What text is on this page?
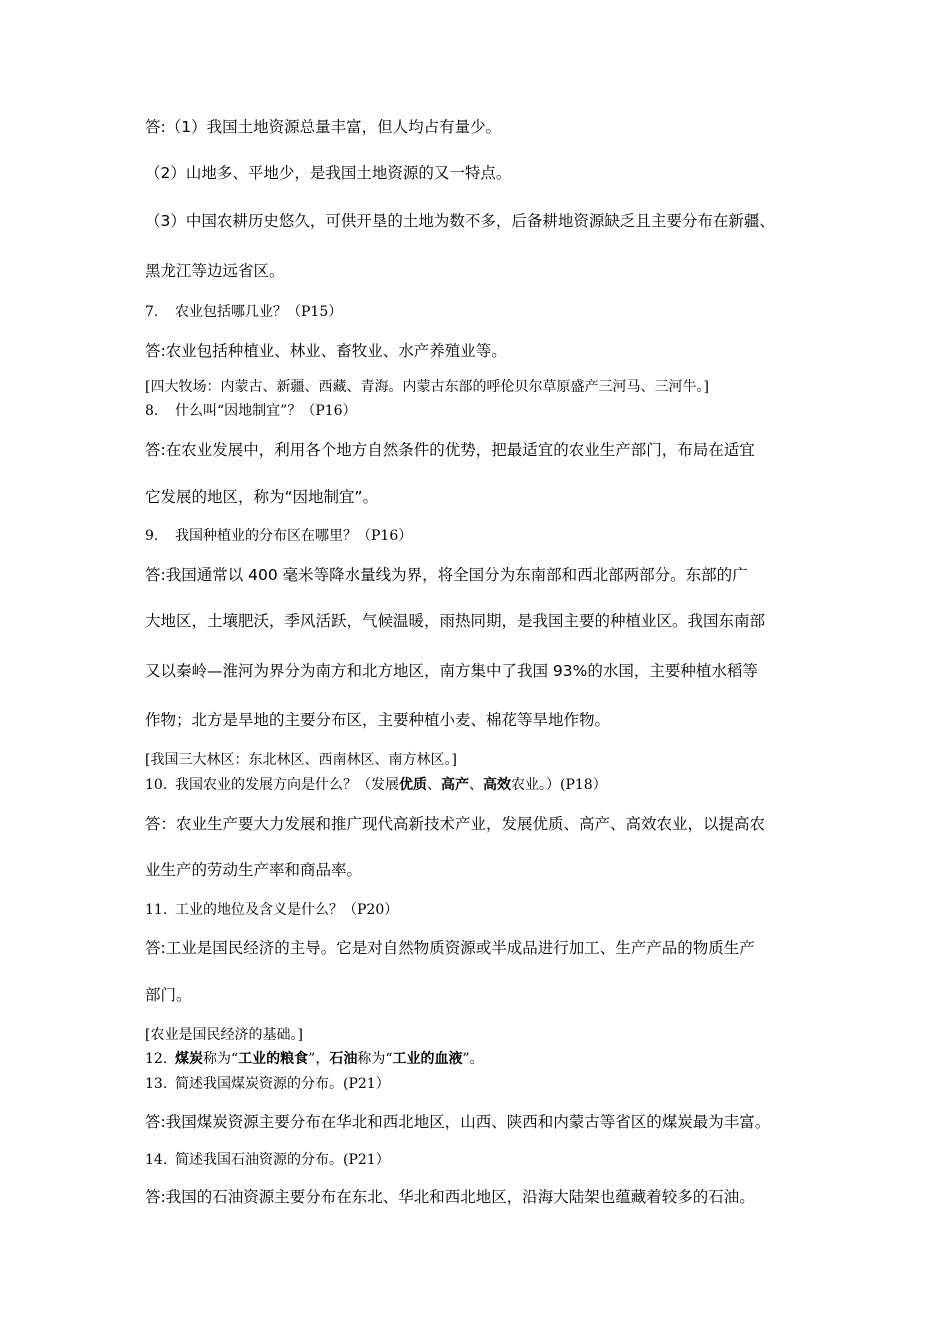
答:（1）我国土地资源总量丰富，但人均占有量少。
（2）山地多、平地少，是我国土地资源的又一特点。
（3）中国农耕历史悠久，可供开垦的土地为数不多，后备耕地资源缺乏且主要分布在新疆、
黑龙江等边远省区。
7. 农业包括哪几业？（P15）
答:农业包括种植业、林业、畜牧业、水产养殖业等。
[四大牧场：内蒙古、新疆、西藏、青海。内蒙古东部的呼伦贝尔草原盛产三河马、三河牛。]
8. 什么叫“因地制宜”？（P16）
答:在农业发展中，利用各个地方自然条件的优势，把最适宜的农业生产部门，布局在适宜
它发展的地区，称为“因地制宜”。
9. 我国种植业的分布区在哪里？（P16）
答:我国通常以 400 毫米等降水量线为界，将全国分为东南部和西北部两部分。东部的广
大地区，土壤肥沃，季风活跃，气候温暖，雨热同期，是我国主要的种植业区。我国东南部
又以秦岭—淮河为界分为南方和北方地区，南方集中了我国 93%的水国，主要种植水稻等
作物；北方是旱地的主要分布区，主要种植小麦、棉花等旱地作物。
[我国三大林区：东北林区、西南林区、南方林区。]
10. 我国农业的发展方向是什么？（发展优质、高产、高效农业。）(P18）
答：农业生产要大力发展和推广现代高新技术产业，发展优质、高产、高效农业，以提高农
业生产的劳动生产率和商品率。
11. 工业的地位及含义是什么？（P20）
答:工业是国民经济的主导。它是对自然物质资源或半成品进行加工、生产产品的物质生产
部门。
[农业是国民经济的基础。]
12. 煤炭称为“工业的粮食”，石油称为“工业的血液”。
13. 简述我国煤炭资源的分布。(P21）
答:我国煤炭资源主要分布在华北和西北地区，山西、陕西和内蒙古等省区的煤炭最为丰富。
14. 简述我国石油资源的分布。(P21）
答:我国的石油资源主要分布在东北、华北和西北地区，沿海大陆架也蕴藏着较多的石油。
